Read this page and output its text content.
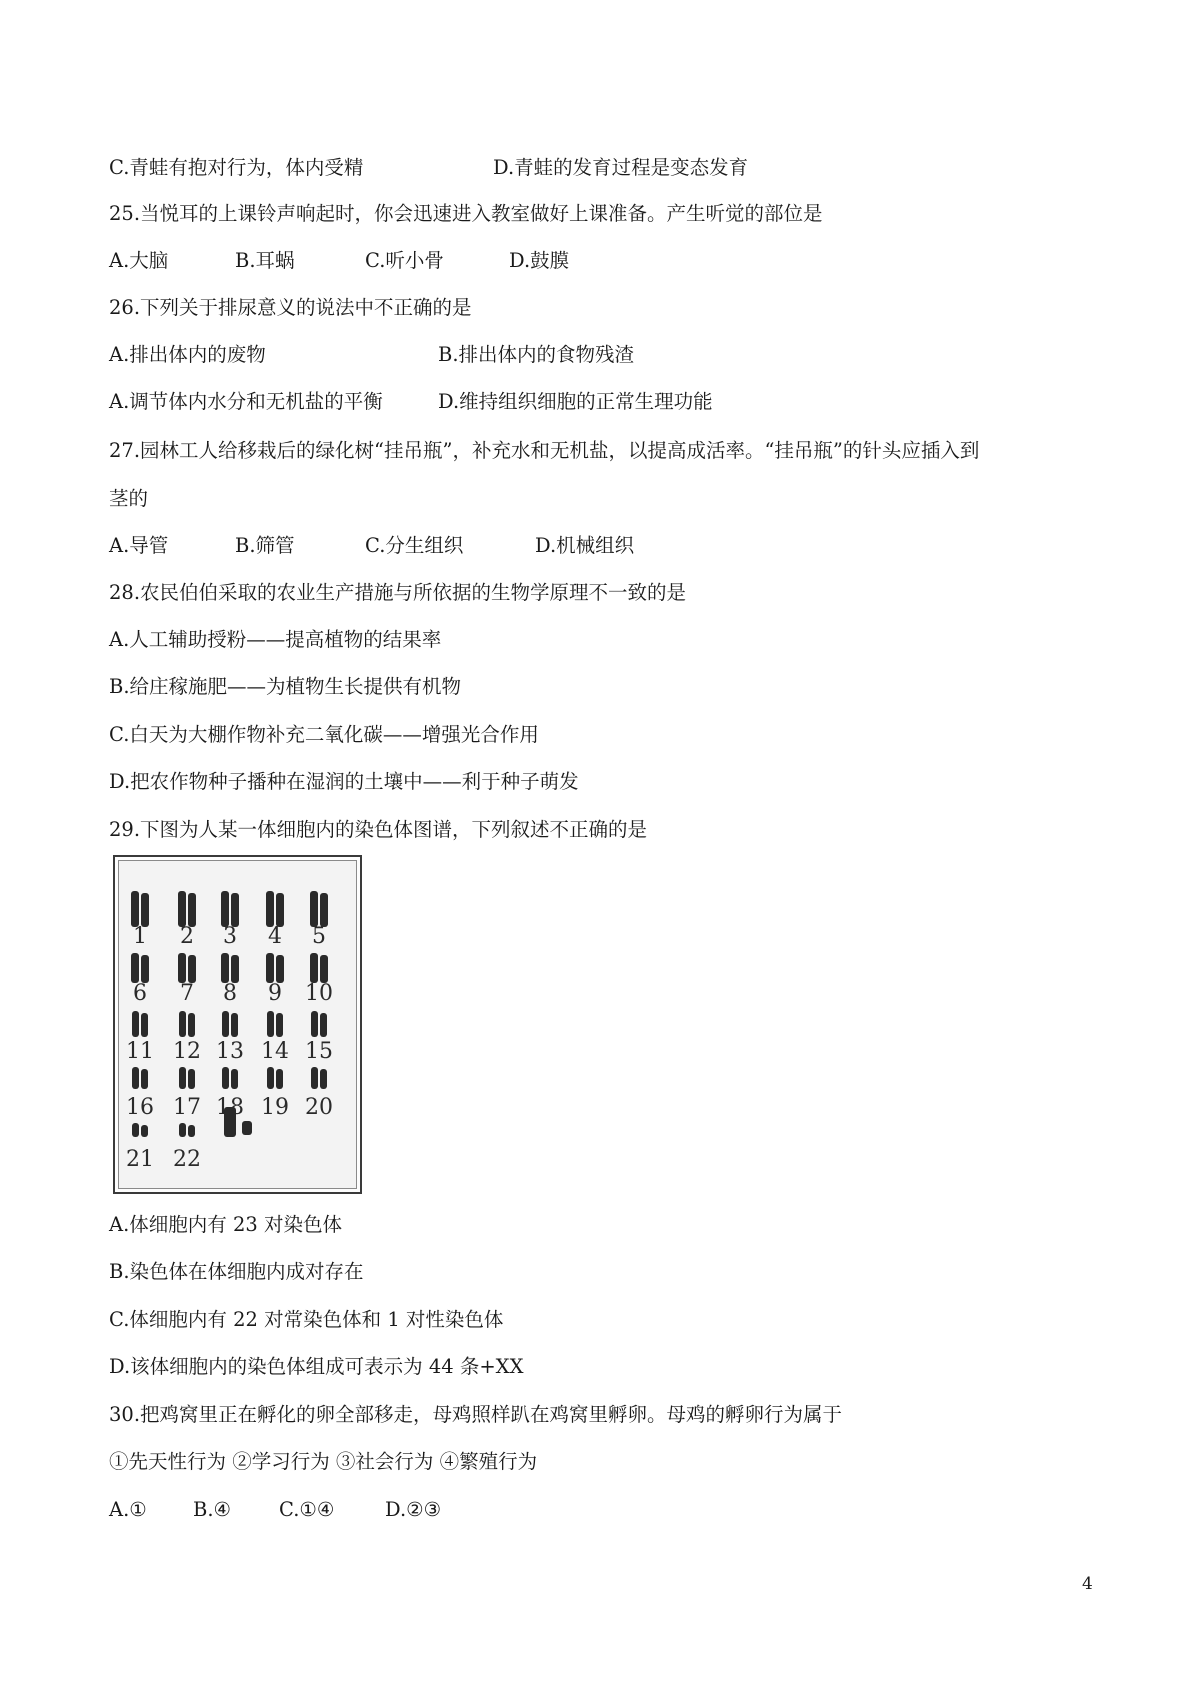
C.青蛙有抱对行为，体内受精	D.青蛙的发育过程是变态发育
25.当悦耳的上课铃声响起时，你会迅速进入教室做好上课准备。产生听觉的部位是
A.大脑	B.耳蜗	C.听小骨	D.鼓膜
26.下列关于排尿意义的说法中不正确的是
A.排出体内的废物	B.排出体内的食物残渣
A.调节体内水分和无机盐的平衡	D.维持组织细胞的正常生理功能
27.园林工人给移栽后的绿化树“挂吊瓶”，补充水和无机盐，以提高成活率。“挂吊瓶”的针头应插入到
茎的
A.导管	B.筛管	C.分生组织	D.机械组织
28.农民伯伯采取的农业生产措施与所依据的生物学原理不一致的是
A.人工辅助授粉——提高植物的结果率
B.给庄稼施肥——为植物生长提供有机物
C.白天为大棚作物补充二氧化碳——增强光合作用
D.把农作物种子播种在湿润的土壤中——利于种子萌发
29.下图为人某一体细胞内的染色体图谱，下列叙述不正确的是
1 2 3 4 5
6 7 8 9 10
11 12 13 14 15
16 17 18 19 20
21 22
A.体细胞内有 23 对染色体
B.染色体在体细胞内成对存在
C.体细胞内有 22 对常染色体和 1 对性染色体
D.该体细胞内的染色体组成可表示为 44 条+XX
30.把鸡窝里正在孵化的卵全部移走，母鸡照样趴在鸡窝里孵卵。母鸡的孵卵行为属于
①先天性行为 ②学习行为 ③社会行为 ④繁殖行为
A.① B.④ C.①④	D.②③
4
